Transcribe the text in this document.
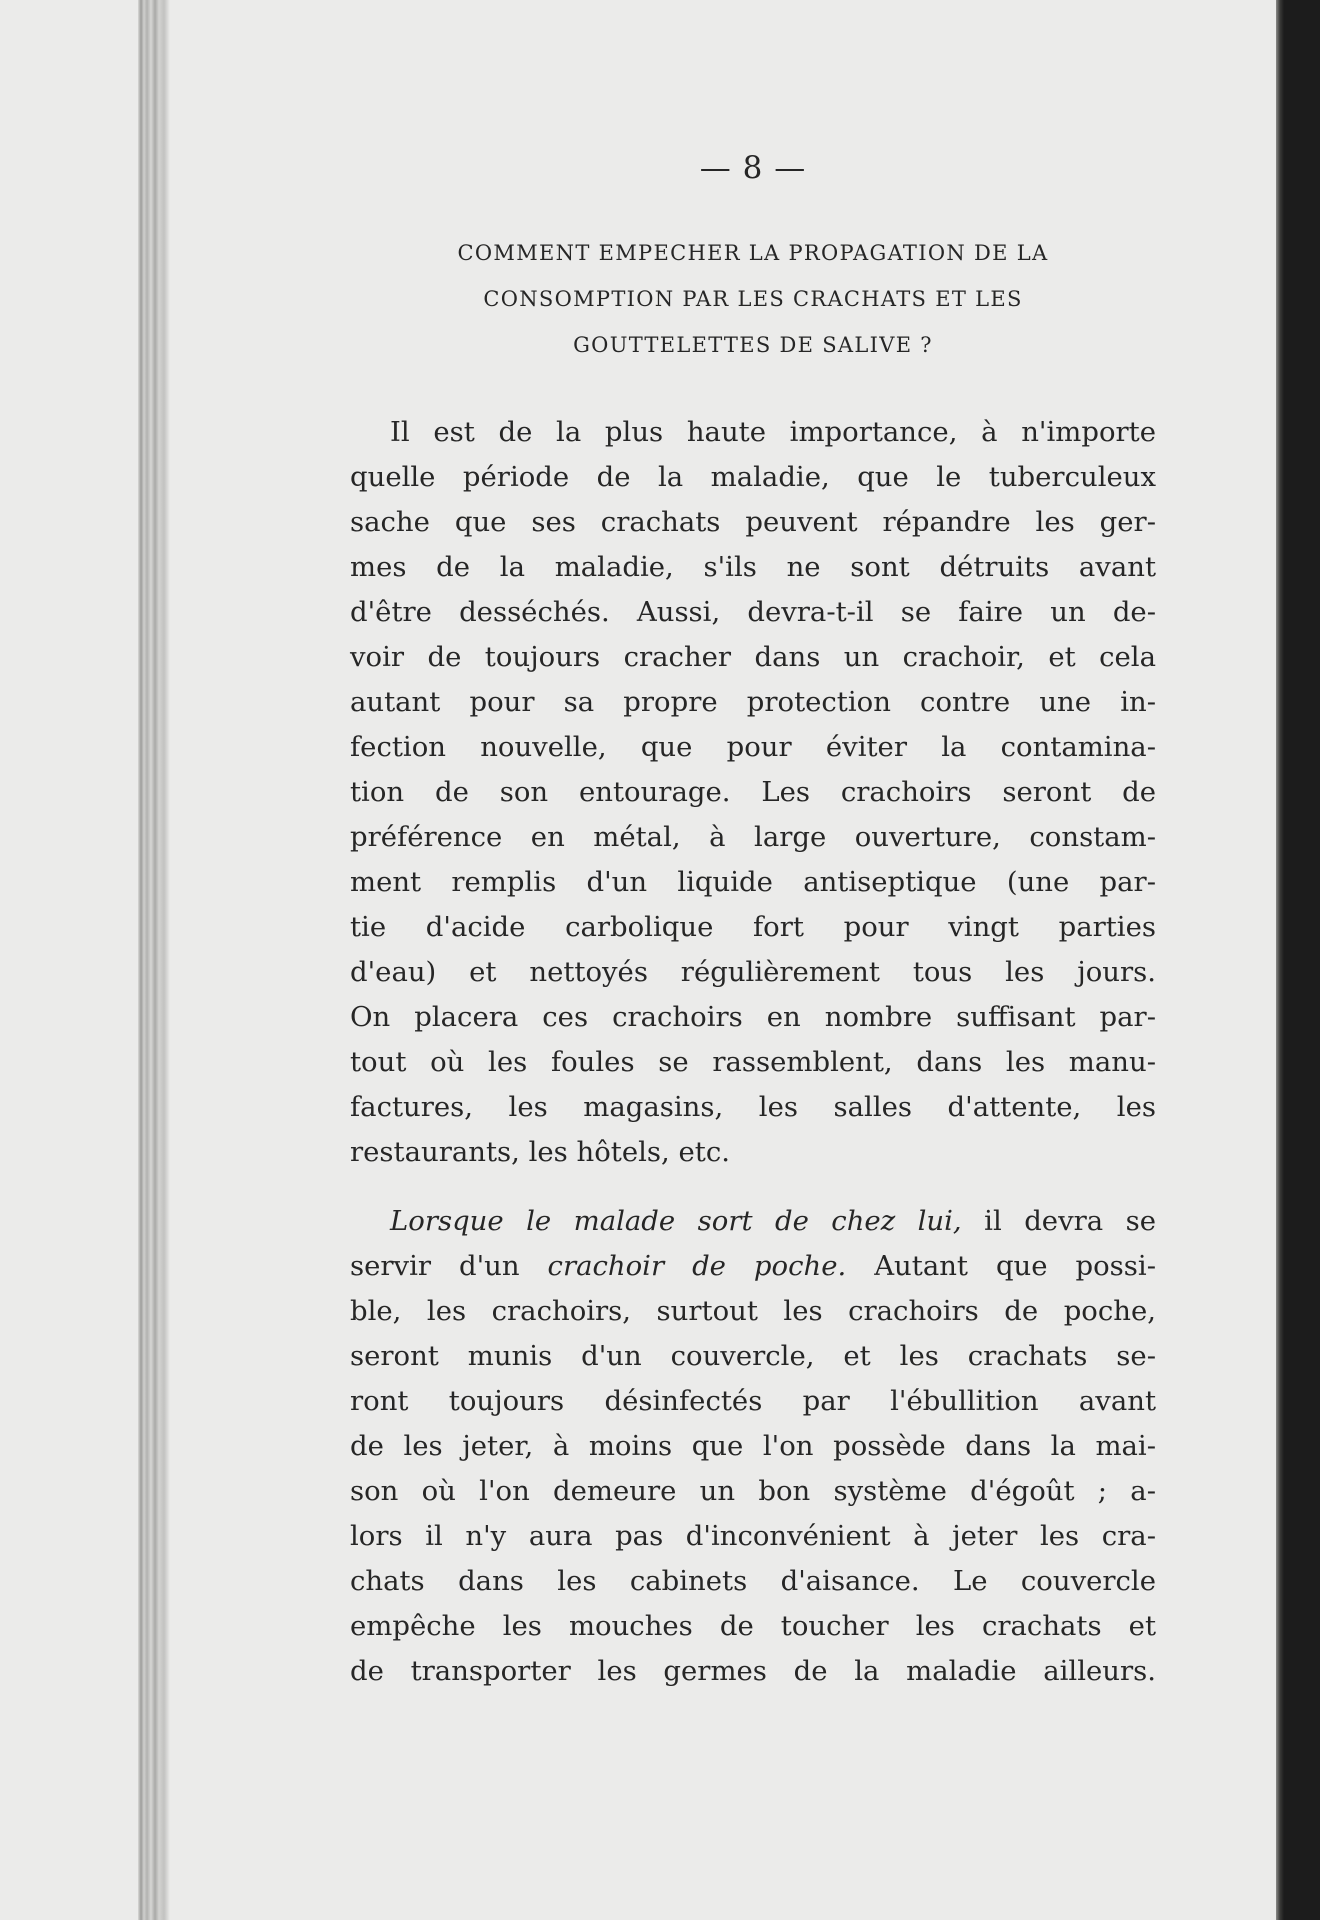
— 8 —
COMMENT EMPECHER LA PROPAGATION DE LA
CONSOMPTION PAR LES CRACHATS ET LES
GOUTTELETTES DE SALIVE ?
Il est de la plus haute importance, à n'importe
quelle période de la maladie, que le tuberculeux
sache que ses crachats peuvent répandre les ger-
mes de la maladie, s'ils ne sont détruits avant
d'être desséchés. Aussi, devra-t-il se faire un de-
voir de toujours cracher dans un crachoir, et cela
autant pour sa propre protection contre une in-
fection nouvelle, que pour éviter la contamina-
tion de son entourage. Les crachoirs seront de
préférence en métal, à large ouverture, constam-
ment remplis d'un liquide antiseptique (une par-
tie d'acide carbolique fort pour vingt parties
d'eau) et nettoyés régulièrement tous les jours.
On placera ces crachoirs en nombre suffisant par-
tout où les foules se rassemblent, dans les manu-
factures, les magasins, les salles d'attente, les
restaurants, les hôtels, etc.
Lorsque le malade sort de chez lui, il devra se
servir d'un crachoir de poche. Autant que possi-
ble, les crachoirs, surtout les crachoirs de poche,
seront munis d'un couvercle, et les crachats se-
ront toujours désinfectés par l'ébullition avant
de les jeter, à moins que l'on possède dans la mai-
son où l'on demeure un bon système d'égoût ; a-
lors il n'y aura pas d'inconvénient à jeter les cra-
chats dans les cabinets d'aisance. Le couvercle
empêche les mouches de toucher les crachats et
de transporter les germes de la maladie ailleurs.
